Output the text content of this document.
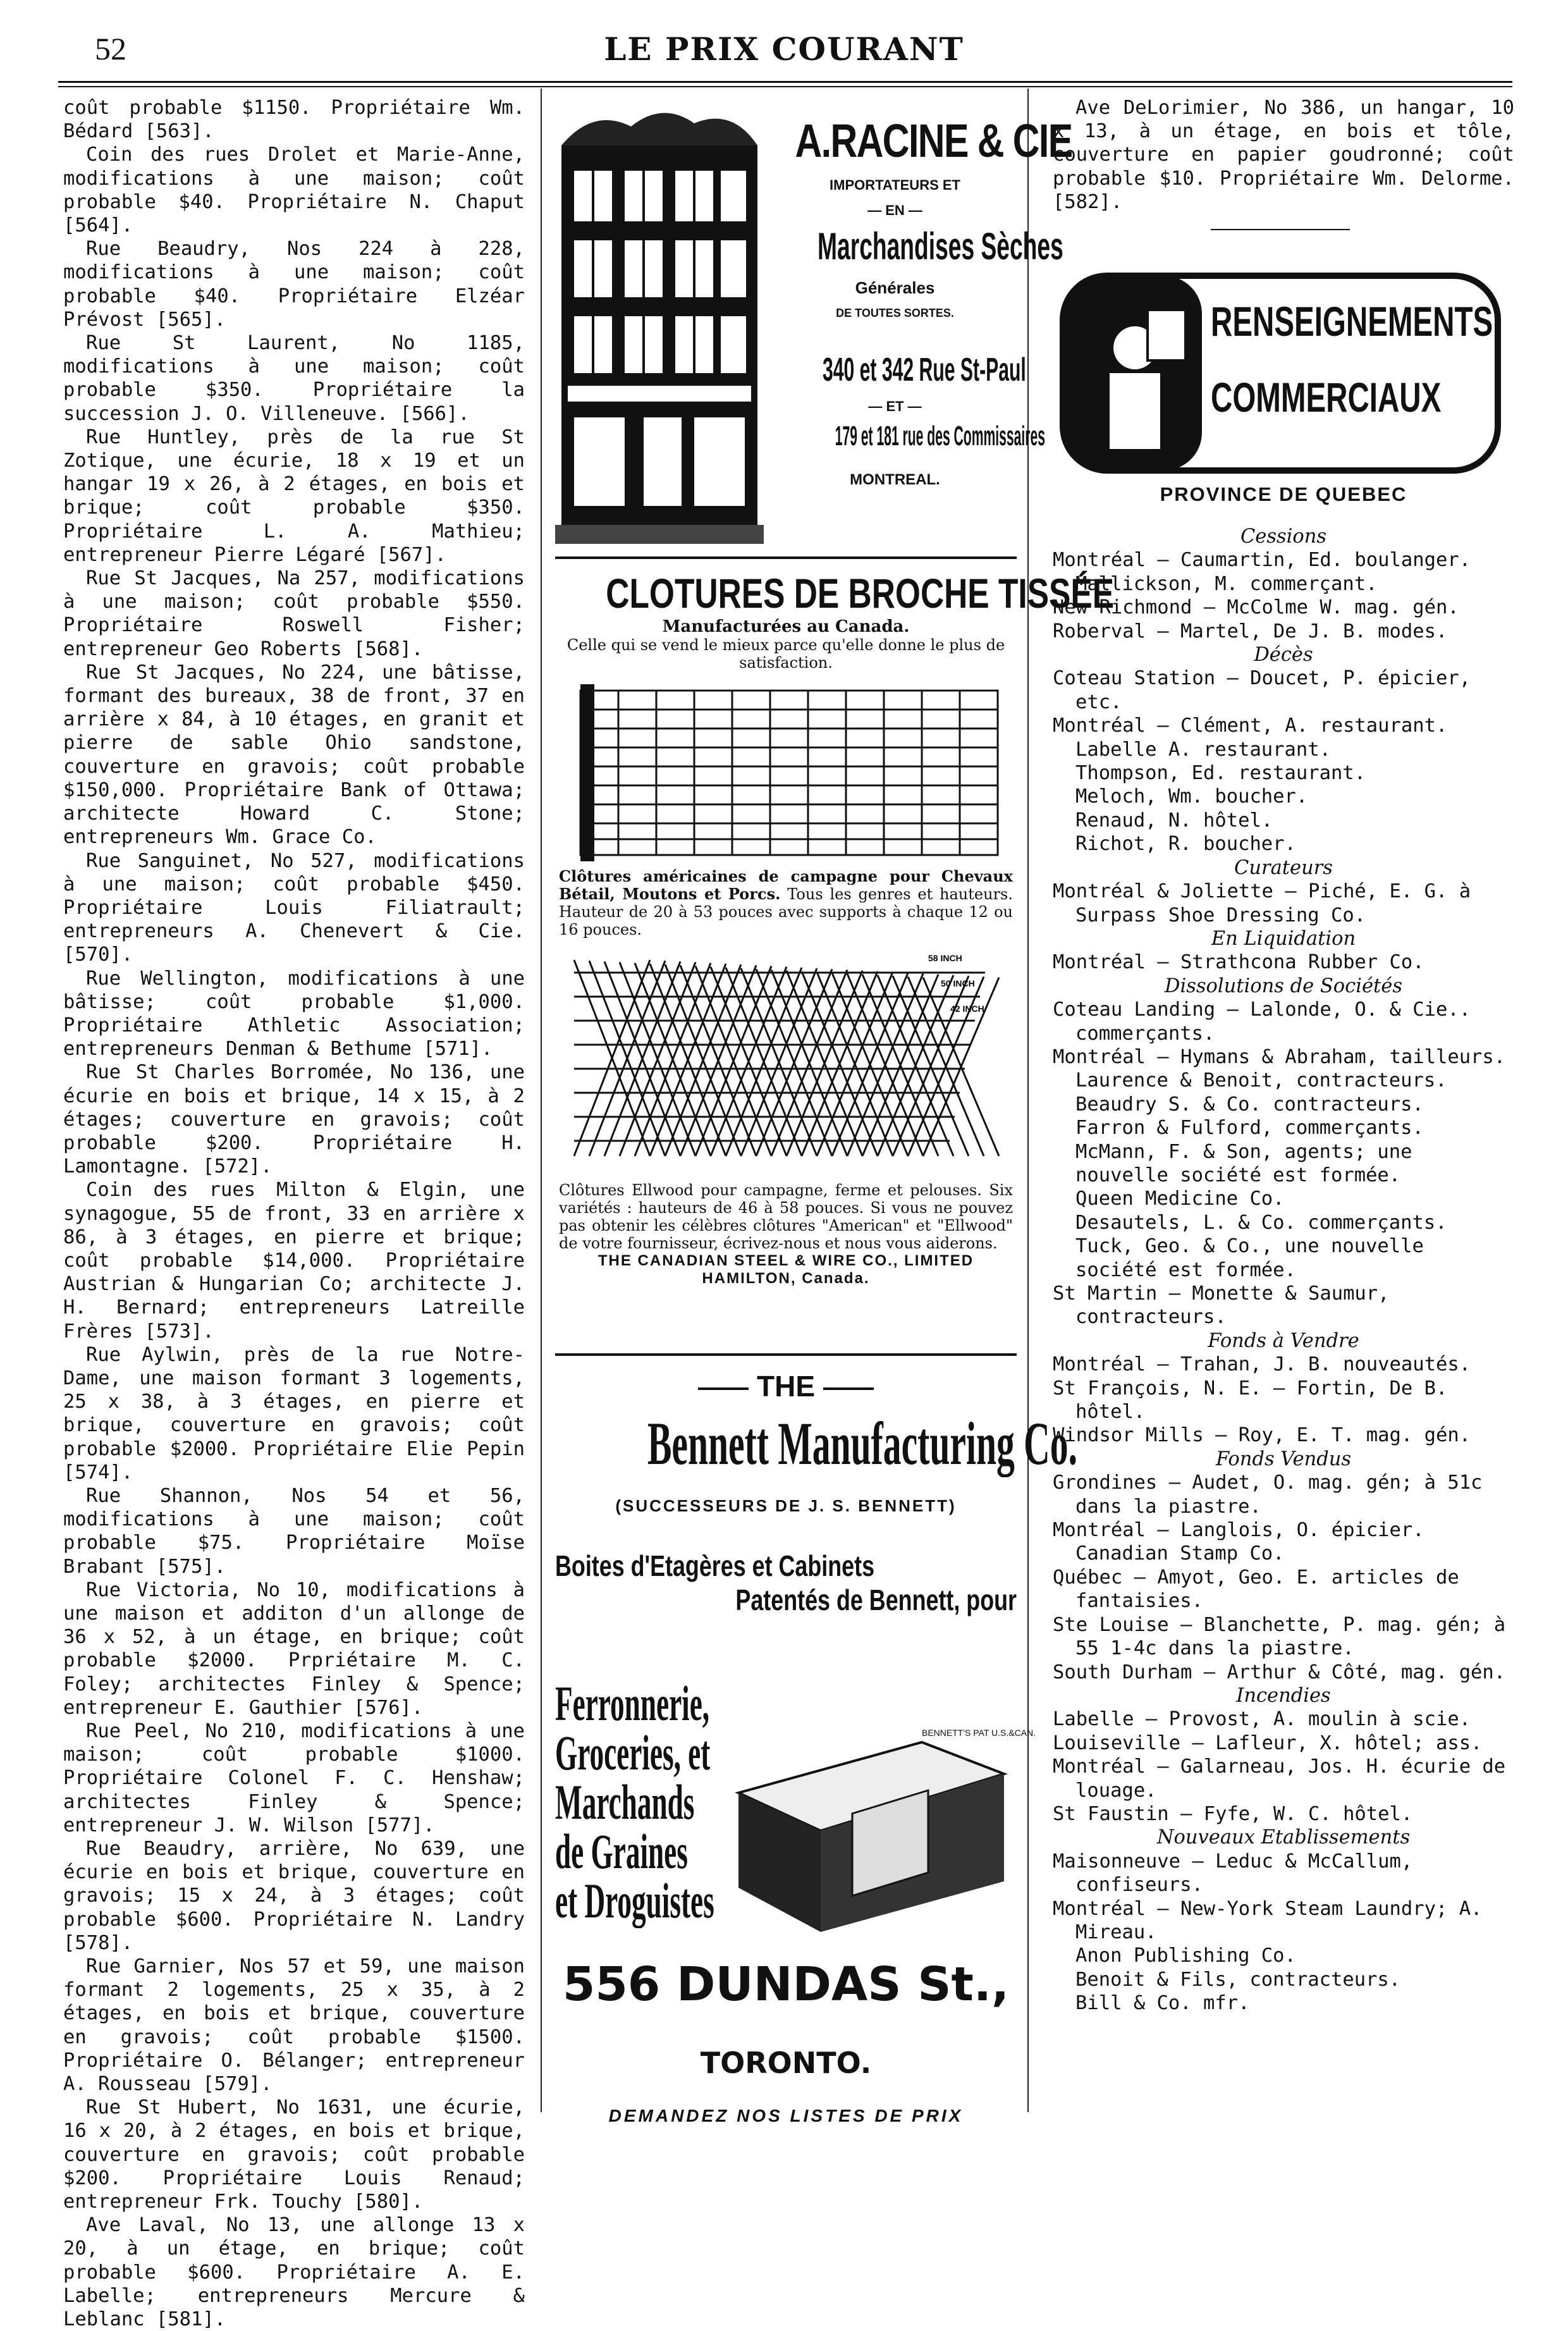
52	LE PRIX COURANT

coût probable $1150. Propriétaire Wm. Bédard [563].

Coin des rues Drolet et Marie-Anne, modifications à une maison; coût probable $40. Propriétaire N. Chaput [564].

Rue Beaudry, Nos 224 à 228, modifications à une maison; coût probable $40. Propriétaire Elzéar Prévost [565].

Rue St Laurent, No 1185, modifications à une maison; coût probable $350. Propriétaire la succession J. O. Villeneuve. [566].

Rue Huntley, près de la rue St Zotique, une écurie, 18 x 19 et un hangar 19 x 26, à 2 étages, en bois et brique; coût probable $350. Propriétaire L. A. Mathieu; entrepreneur Pierre Légaré [567].

Rue St Jacques, Na 257, modifications à une maison; coût probable $550. Propriétaire Roswell Fisher; entrepreneur Geo Roberts [568].

Rue St Jacques, No 224, une bâtisse, formant des bureaux, 38 de front, 37 en arrière x 84, à 10 étages, en granit et pierre de sable Ohio sandstone, couverture en gravois; coût probable $150,000. Propriétaire Bank of Ottawa; architecte Howard C. Stone; entrepreneurs Wm. Grace Co.

Rue Sanguinet, No 527, modifications à une maison; coût probable $450. Propriétaire Louis Filiatrault; entrepreneurs A. Chenevert & Cie. [570].

Rue Wellington, modifications à une bâtisse; coût probable $1,000. Propriétaire Athletic Association; entrepreneurs Denman & Bethume [571].

Rue St Charles Borromée, No 136, une écurie en bois et brique, 14 x 15, à 2 étages; couverture en gravois; coût probable $200. Propriétaire H. Lamontagne. [572].

Coin des rues Milton & Elgin, une synagogue, 55 de front, 33 en arrière x 86, à 3 étages, en pierre et brique; coût probable $14,000. Propriétaire Austrian & Hungarian Co; architecte J. H. Bernard; entrepreneurs Latreille Frères [573].

Rue Aylwin, près de la rue Notre-Dame, une maison formant 3 logements, 25 x 38, à 3 étages, en pierre et brique, couverture en gravois; coût probable $2000. Propriétaire Elie Pepin [574].

Rue Shannon, Nos 54 et 56, modifications à une maison; coût probable $75. Propriétaire Moïse Brabant [575].

Rue Victoria, No 10, modifications à une maison et additon d'un allonge de 36 x 52, à un étage, en brique; coût probable $2000. Prpriétaire M. C. Foley; architectes Finley & Spence; entrepreneur E. Gauthier [576].

Rue Peel, No 210, modifications à une maison; coût probable $1000. Propriétaire Colonel F. C. Henshaw; architectes Finley & Spence; entrepreneur J. W. Wilson [577].

Rue Beaudry, arrière, No 639, une écurie en bois et brique, couverture en gravois; 15 x 24, à 3 étages; coût probable $600. Propriétaire N. Landry [578].

Rue Garnier, Nos 57 et 59, une maison formant 2 logements, 25 x 35, à 2 étages, en bois et brique, couverture en gravois; coût probable $1500. Propriétaire O. Bélanger; entrepreneur A. Rousseau [579].

Rue St Hubert, No 1631, une écurie, 16 x 20, à 2 étages, en bois et brique, couverture en gravois; coût probable $200. Propriétaire Louis Renaud; entrepreneur Frk. Touchy [580].

Ave Laval, No 13, une allonge 13 x 20, à un étage, en brique; coût probable $600. Propriétaire A. E. Labelle; entrepreneurs Mercure & Leblanc [581].

A.RACINE & CIE
IMPORTATEURS ET
— EN —
Marchandises Sèches
Générales
DE TOUTES SORTES.
340 et 342 Rue St-Paul
— ET —
179 et 181 rue des Commissaires
MONTREAL.
CLOTURES DE BROCHE TISSÉE
Manufacturées au Canada.
Celle qui se vend le mieux parce qu'elle donne le plus de satisfaction.
Clôtures américaines de campagne pour Chevaux Bétail, Moutons et Porcs. Tous les genres et hauteurs. Hauteur de 20 à 53 pouces avec supports à chaque 12 ou 16 pouces.
58 INCH
50 INCH
42 INCH
Clôtures Ellwood pour campagne, ferme et pelouses. Six variétés : hauteurs de 46 à 58 pouces. Si vous ne pouvez pas obtenir les célèbres clôtures "American" et "Ellwood" de votre fournisseur, écrivez-nous et nous vous aiderons.
THE CANADIAN STEEL & WIRE CO., LIMITED
HAMILTON, Canada.
THE
Bennett Manufacturing Co.
(SUCCESSEURS DE J. S. BENNETT)
Boites d'Etagères et Cabinets
Patentés de Bennett, pour
Ferronnerie,
Groceries, et
Marchands
de Graines
et Droguistes
BENNETT'S PAT U.S.&CAN.
556 DUNDAS St.,
TORONTO.
DEMANDEZ NOS LISTES DE PRIX

Ave DeLorimier, No 386, un hangar, 10 x 13, à un étage, en bois et tôle, couverture en papier goudronné; coût probable $10. Propriétaire Wm. Delorme. [582].

RENSEIGNEMENTS
COMMERCIAUX
PROVINCE DE QUEBEC
Cessions
Montréal — Caumartin, Ed. boulanger.
Mallickson, M. commerçant.
New Richmond — McColme W. mag. gén.
Roberval — Martel, De J. B. modes.
Décès
Coteau Station — Doucet, P. épicier, etc.
Montréal — Clément, A. restaurant.
Labelle A. restaurant.
Thompson, Ed. restaurant.
Meloch, Wm. boucher.
Renaud, N. hôtel.
Richot, R. boucher.
Curateurs
Montréal & Joliette — Piché, E. G. à Surpass Shoe Dressing Co.
En Liquidation
Montréal — Strathcona Rubber Co.
Dissolutions de Sociétés
Coteau Landing — Lalonde, O. & Cie.. commerçants.
Montréal — Hymans & Abraham, tailleurs.
Laurence & Benoit, contracteurs.
Beaudry S. & Co. contracteurs.
Farron & Fulford, commerçants.
McMann, F. & Son, agents; une nouvelle société est formée.
Queen Medicine Co.
Desautels, L. & Co. commerçants.
Tuck, Geo. & Co., une nouvelle société est formée.
St Martin — Monette & Saumur, contracteurs.
Fonds à Vendre
Montréal — Trahan, J. B. nouveautés.
St François, N. E. — Fortin, De B. hôtel.
Windsor Mills — Roy, E. T. mag. gén.
Fonds Vendus
Grondines — Audet, O. mag. gén; à 51c dans la piastre.
Montréal — Langlois, O. épicier.
Canadian Stamp Co.
Québec — Amyot, Geo. E. articles de fantaisies.
Ste Louise — Blanchette, P. mag. gén; à 55 1-4c dans la piastre.
South Durham — Arthur & Côté, mag. gén.
Incendies
Labelle — Provost, A. moulin à scie.
Louiseville — Lafleur, X. hôtel; ass.
Montréal — Galarneau, Jos. H. écurie de louage.
St Faustin — Fyfe, W. C. hôtel.
Nouveaux Etablissements
Maisonneuve — Leduc & McCallum, confiseurs.
Montréal — New-York Steam Laundry; A. Mireau.
Anon Publishing Co.
Benoit & Fils, contracteurs.
Bill & Co. mfr.
